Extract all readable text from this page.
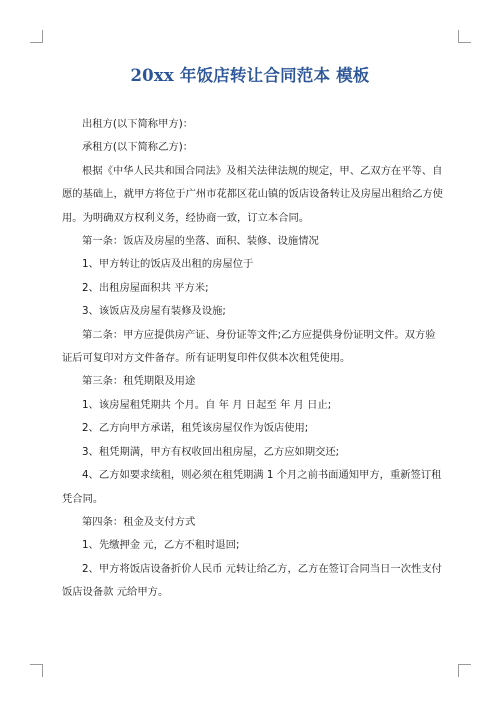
20xx 年饭店转让合同范本 模板

出租方(以下简称甲方)：

承租方(以下简称乙方)：

根据《中华人民共和国合同法》及相关法律法规的规定，甲、乙双方在平等、自愿的基础上，就甲方将位于广州市花都区花山镇的饭店设备转让及房屋出租给乙方使用。为明确双方权利义务，经协商一致，订立本合同。

第一条：饭店及房屋的坐落、面积、装修、设施情况

1、甲方转让的饭店及出租的房屋位于

2、出租房屋面积共 平方米;

3、该饭店及房屋有装修及设施;

第二条：甲方应提供房产证、身份证等文件;乙方应提供身份证明文件。双方验证后可复印对方文件备存。所有证明复印件仅供本次租凭使用。

第三条：租凭期限及用途

1、该房屋租凭期共 个月。自 年 月 日起至 年 月 日止;

2、乙方向甲方承诺，租凭该房屋仅作为饭店使用;

3、租凭期满，甲方有权收回出租房屋，乙方应如期交还;

4、乙方如要求续租，则必须在租凭期满 1 个月之前书面通知甲方，重新签订租凭合同。

第四条：租金及支付方式

1、先缴押金 元，乙方不租时退回;

2、甲方将饭店设备折价人民币 元转让给乙方，乙方在签订合同当日一次性支付饭店设备款 元给甲方。
